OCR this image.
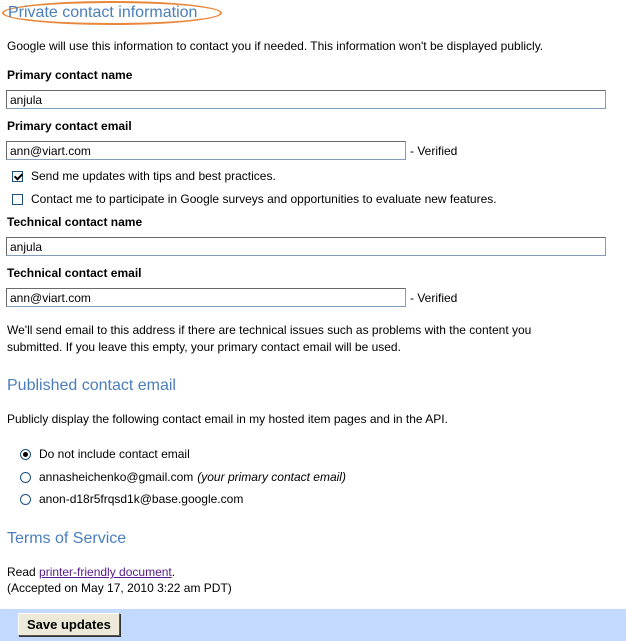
Private contact information

Google will use this information to contact you if needed. This information won't be displayed publicly.

Primary contact name
anjula
Primary contact email
ann@viart.com
- Verified
Send me updates with tips and best practices.
Contact me to participate in Google surveys and opportunities to evaluate new features.
Technical contact name
anjula
Technical contact email
ann@viart.com
- Verified

We'll send email to this address if there are technical issues such as problems with the content you

submitted. If you leave this empty, your primary contact email will be used.

Published contact email

Publicly display the following contact email in my hosted item pages and in the API.

Do not include contact email
annasheichenko@gmail.com (your primary contact email)
anon-d18r5frqsd1k@base.google.com
Terms of Service

Read printer-friendly document.

(Accepted on May 17, 2010 3:22 am PDT)

Save updates
